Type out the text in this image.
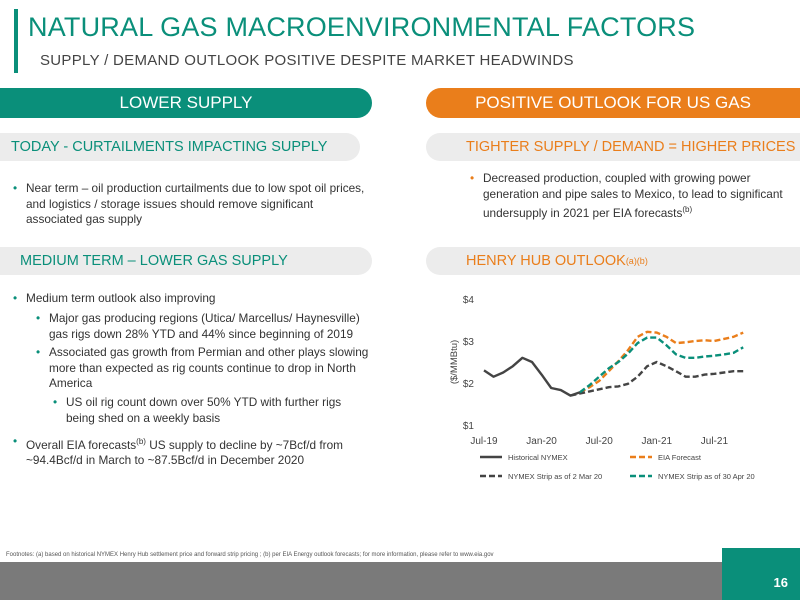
NATURAL GAS MACROENVIRONMENTAL FACTORS
SUPPLY / DEMAND OUTLOOK POSITIVE DESPITE MARKET HEADWINDS
LOWER SUPPLY	POSITIVE OUTLOOK FOR US GAS
TODAY - CURTAILMENTS IMPACTING SUPPLY
• Near term – oil production curtailments due to low spot oil prices, and logistics / storage issues should remove significant associated gas supply
MEDIUM TERM – LOWER GAS SUPPLY
• Medium term outlook also improving
• Major gas producing regions (Utica/ Marcellus/ Haynesville) gas rigs down 28% YTD and 44% since beginning of 2019
• Associated gas growth from Permian and other plays slowing more than expected as rig counts continue to drop in North America
• US oil rig count down over 50% YTD with further rigs being shed on a weekly basis
• Overall EIA forecasts$^{(b)}$ US supply to decline by ~7Bcf/d from ~94.4Bcf/d in March to ~87.5Bcf/d in December 2020
TIGHTER SUPPLY / DEMAND = HIGHER PRICES
• Decreased production, coupled with growing power generation and pipe sales to Mexico, to lead to significant undersupply in 2021 per EIA forecasts$^{(b)}$
HENRY HUB OUTLOOK (a)(b)
$1
$2
$3
$4
Jul-19	Jan-20	Jul-20	Jan-21	Jul-21
($/MMBtu)
Historical NYMEX	EIA Forecast
NYMEX Strip as of 2 Mar 20	NYMEX Strip as of 30 Apr 20
Footnotes: (a) based on historical NYMEX Henry Hub settlement price and forward strip pricing ; (b) per EIA Energy outlook forecasts; for more information, please refer to www.eia.gov
16
